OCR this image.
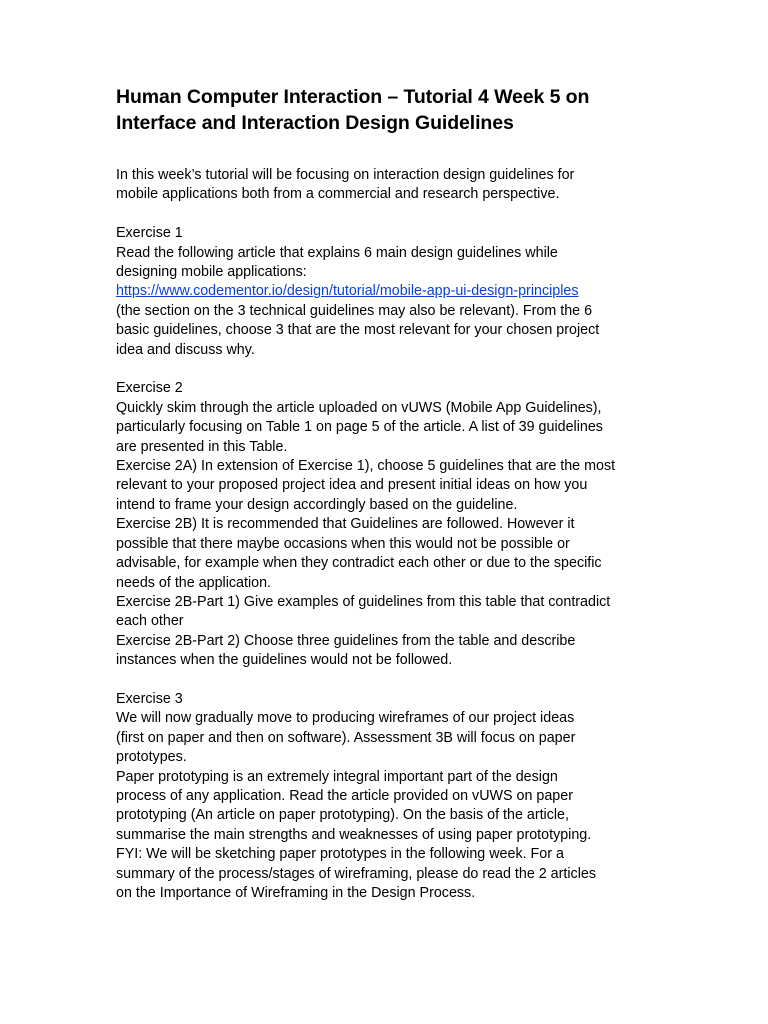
Human Computer Interaction – Tutorial 4 Week 5 on
Interface and Interaction Design Guidelines
In this week’s tutorial will be focusing on interaction design guidelines for
mobile applications both from a commercial and research perspective.
Exercise 1
Read the following article that explains 6 main design guidelines while
designing mobile applications:
https://www.codementor.io/design/tutorial/mobile-app-ui-design-principles
(the section on the 3 technical guidelines may also be relevant). From the 6
basic guidelines, choose 3 that are the most relevant for your chosen project
idea and discuss why.
Exercise 2
Quickly skim through the article uploaded on vUWS (Mobile App Guidelines),
particularly focusing on Table 1 on page 5 of the article. A list of 39 guidelines
are presented in this Table.
Exercise 2A) In extension of Exercise 1), choose 5 guidelines that are the most
relevant to your proposed project idea and present initial ideas on how you
intend to frame your design accordingly based on the guideline.
Exercise 2B) It is recommended that Guidelines are followed. However it
possible that there maybe occasions when this would not be possible or
advisable, for example when they contradict each other or due to the specific
needs of the application.
Exercise 2B-Part 1) Give examples of guidelines from this table that contradict
each other
Exercise 2B-Part 2) Choose three guidelines from the table and describe
instances when the guidelines would not be followed.
Exercise 3
We will now gradually move to producing wireframes of our project ideas
(first on paper and then on software). Assessment 3B will focus on paper
prototypes.
Paper prototyping is an extremely integral important part of the design
process of any application. Read the article provided on vUWS on paper
prototyping (An article on paper prototyping). On the basis of the article,
summarise the main strengths and weaknesses of using paper prototyping.
FYI: We will be sketching paper prototypes in the following week. For a
summary of the process/stages of wireframing, please do read the 2 articles
on the Importance of Wireframing in the Design Process.
